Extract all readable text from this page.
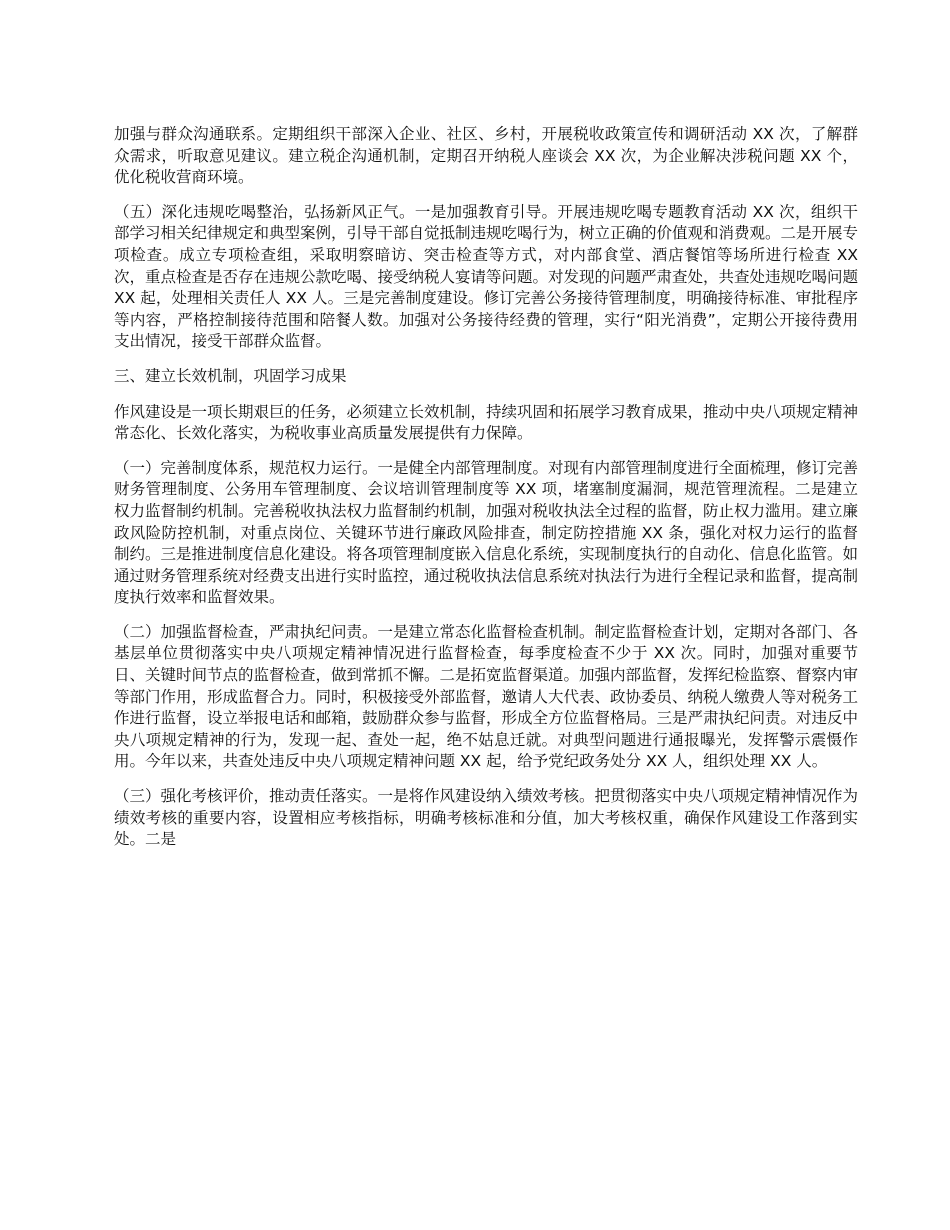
加强与群众沟通联系。定期组织干部深入企业、社区、乡村，开展税收政策宣传和调研活动 XX 次，了解群众需求，听取意见建议。建立税企沟通机制，定期召开纳税人座谈会 XX 次，为企业解决涉税问题 XX 个，优化税收营商环境。

（五）深化违规吃喝整治，弘扬新风正气。一是加强教育引导。开展违规吃喝专题教育活动 XX 次，组织干部学习相关纪律规定和典型案例，引导干部自觉抵制违规吃喝行为，树立正确的价值观和消费观。二是开展专项检查。成立专项检查组，采取明察暗访、突击检查等方式，对内部食堂、酒店餐馆等场所进行检查 XX 次，重点检查是否存在违规公款吃喝、接受纳税人宴请等问题。对发现的问题严肃查处，共查处违规吃喝问题 XX 起，处理相关责任人 XX 人。三是完善制度建设。修订完善公务接待管理制度，明确接待标准、审批程序等内容，严格控制接待范围和陪餐人数。加强对公务接待经费的管理，实行“阳光消费”，定期公开接待费用支出情况，接受干部群众监督。

三、建立长效机制，巩固学习成果

作风建设是一项长期艰巨的任务，必须建立长效机制，持续巩固和拓展学习教育成果，推动中央八项规定精神常态化、长效化落实，为税收事业高质量发展提供有力保障。

（一）完善制度体系，规范权力运行。一是健全内部管理制度。对现有内部管理制度进行全面梳理，修订完善财务管理制度、公务用车管理制度、会议培训管理制度等 XX 项，堵塞制度漏洞，规范管理流程。二是建立权力监督制约机制。完善税收执法权力监督制约机制，加强对税收执法全过程的监督，防止权力滥用。建立廉政风险防控机制，对重点岗位、关键环节进行廉政风险排查，制定防控措施 XX 条，强化对权力运行的监督制约。三是推进制度信息化建设。将各项管理制度嵌入信息化系统，实现制度执行的自动化、信息化监管。如通过财务管理系统对经费支出进行实时监控，通过税收执法信息系统对执法行为进行全程记录和监督，提高制度执行效率和监督效果。

（二）加强监督检查，严肃执纪问责。一是建立常态化监督检查机制。制定监督检查计划，定期对各部门、各基层单位贯彻落实中央八项规定精神情况进行监督检查，每季度检查不少于 XX 次。同时，加强对重要节日、关键时间节点的监督检查，做到常抓不懈。二是拓宽监督渠道。加强内部监督，发挥纪检监察、督察内审等部门作用，形成监督合力。同时，积极接受外部监督，邀请人大代表、政协委员、纳税人缴费人等对税务工作进行监督，设立举报电话和邮箱，鼓励群众参与监督，形成全方位监督格局。三是严肃执纪问责。对违反中央八项规定精神的行为，发现一起、查处一起，绝不姑息迁就。对典型问题进行通报曝光，发挥警示震慑作用。今年以来，共查处违反中央八项规定精神问题 XX 起，给予党纪政务处分 XX 人，组织处理 XX 人。

（三）强化考核评价，推动责任落实。一是将作风建设纳入绩效考核。把贯彻落实中央八项规定精神情况作为绩效考核的重要内容，设置相应考核指标，明确考核标准和分值，加大考核权重，确保作风建设工作落到实处。二是
